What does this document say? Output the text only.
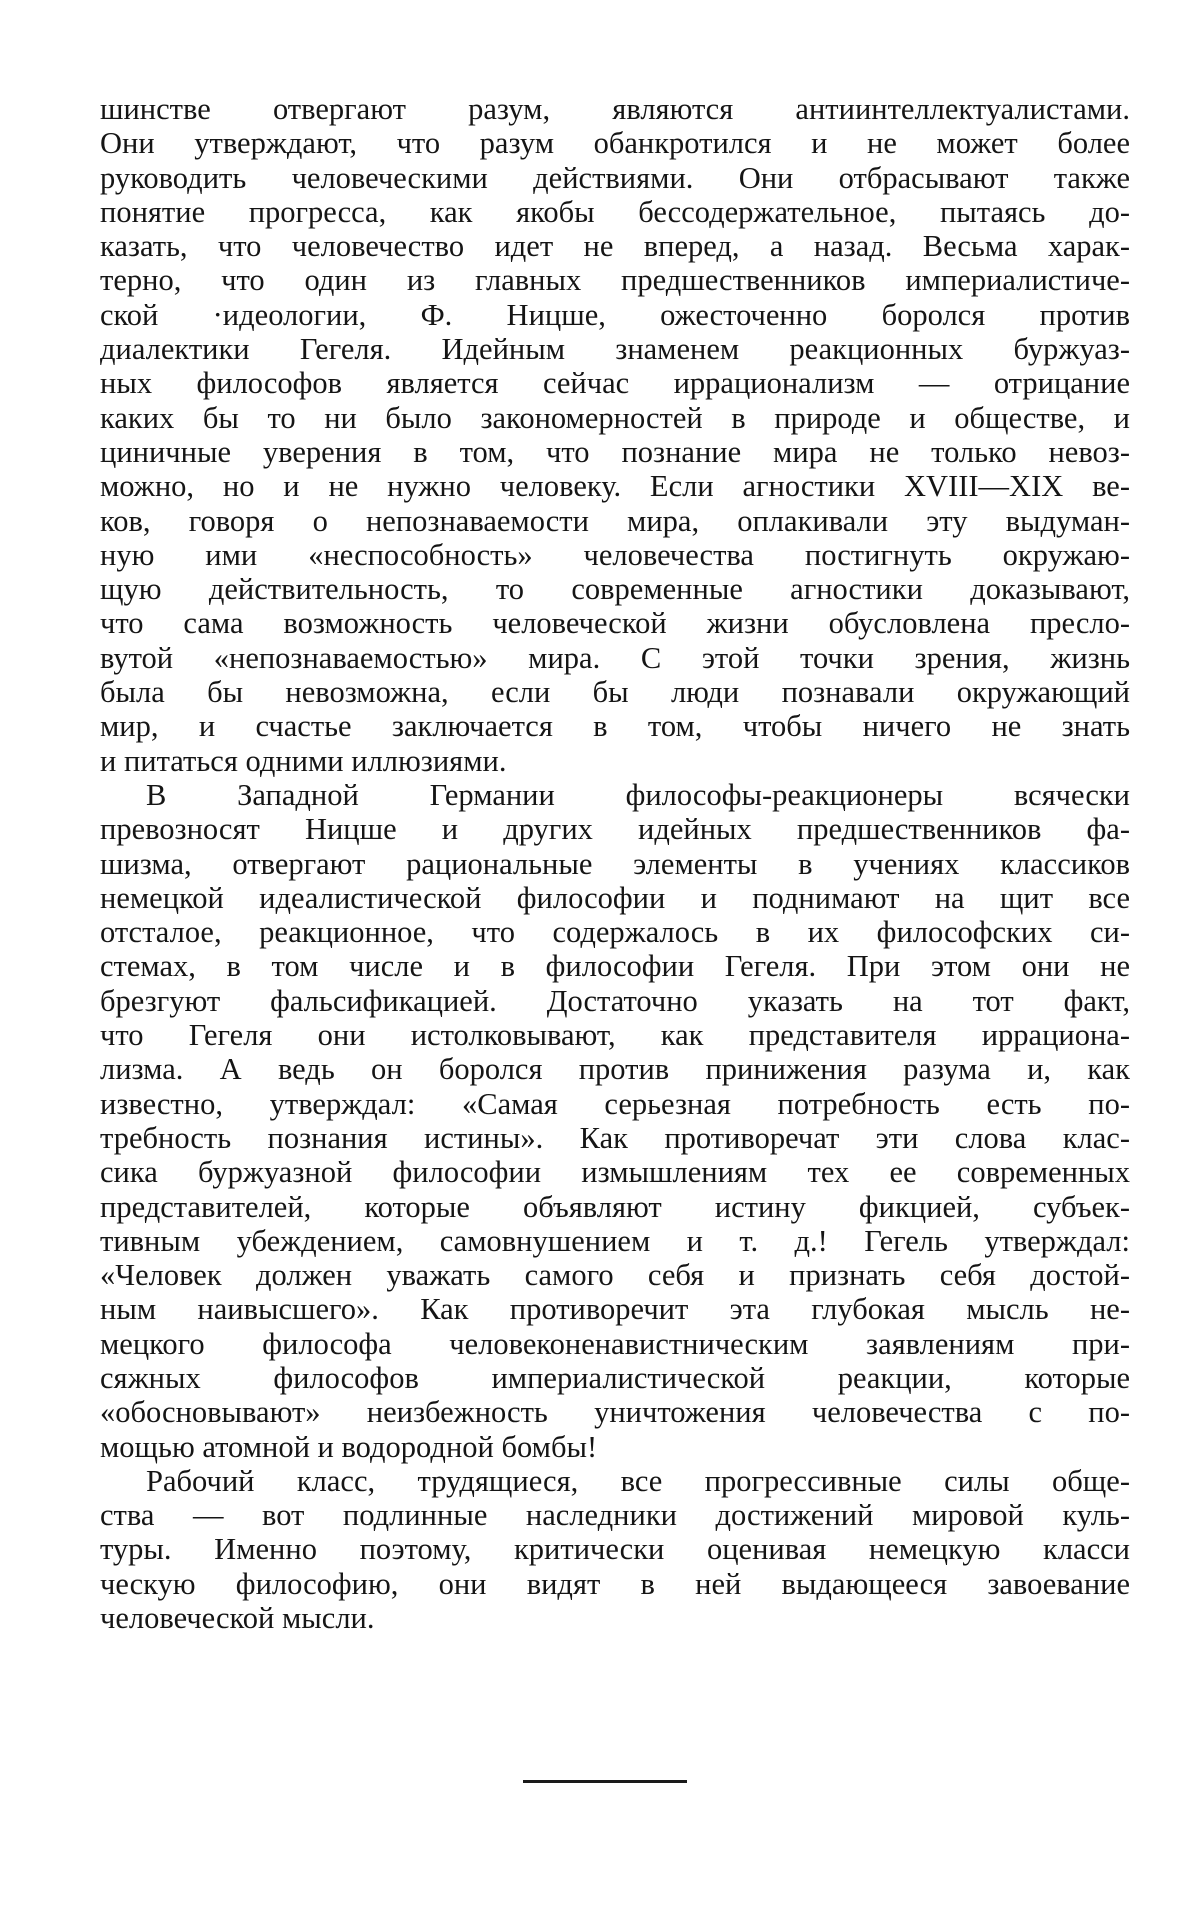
шинстве отвергают разум, являются антиинтеллектуалистами.
Они утверждают, что разум обанкротился и не может более
руководить человеческими действиями. Они отбрасывают также
понятие прогресса, как якобы бессодержательное, пытаясь до-
казать, что человечество идет не вперед, а назад. Весьма харак-
терно, что один из главных предшественников империалистиче-
ской ·идеологии, Ф. Ницше, ожесточенно боролся против
диалектики Гегеля. Идейным знаменем реакционных буржуаз-
ных философов является сейчас иррационализм — отрицание
каких бы то ни было закономерностей в природе и обществе, и
циничные уверения в том, что познание мира не только невоз-
можно, но и не нужно человеку. Если агностики XVIII—XIX ве-
ков, говоря о непознаваемости мира, оплакивали эту выдуман-
ную ими «неспособность» человечества постигнуть окружаю-
щую действительность, то современные агностики доказывают,
что сама возможность человеческой жизни обусловлена пресло-
вутой «непознаваемостью» мира. С этой точки зрения, жизнь
была бы невозможна, если бы люди познавали окружающий
мир, и счастье заключается в том, чтобы ничего не знать
и питаться одними иллюзиями.
В Западной Германии философы-реакционеры всячески
превозносят Ницше и других идейных предшественников фа-
шизма, отвергают рациональные элементы в учениях классиков
немецкой идеалистической философии и поднимают на щит все
отсталое, реакционное, что содержалось в их философских си-
стемах, в том числе и в философии Гегеля. При этом они не
брезгуют фальсификацией. Достаточно указать на тот факт,
что Гегеля они истолковывают, как представителя иррациона-
лизма. А ведь он боролся против принижения разума и, как
известно, утверждал: «Самая серьезная потребность есть по-
требность познания истины». Как противоречат эти слова клас-
сика буржуазной философии измышлениям тех ее современных
представителей, которые объявляют истину фикцией, субъек-
тивным убеждением, самовнушением и т. д.! Гегель утверждал:
«Человек должен уважать самого себя и признать себя достой-
ным наивысшего». Как противоречит эта глубокая мысль не-
мецкого философа человеконенавистническим заявлениям при-
сяжных философов империалистической реакции, которые
«обосновывают» неизбежность уничтожения человечества с по-
мощью атомной и водородной бомбы!
Рабочий класс, трудящиеся, все прогрессивные силы обще-
ства — вот подлинные наследники достижений мировой куль-
туры. Именно поэтому, критически оценивая немецкую класси
ческую философию, они видят в ней выдающееся завоевание
человеческой мысли.
